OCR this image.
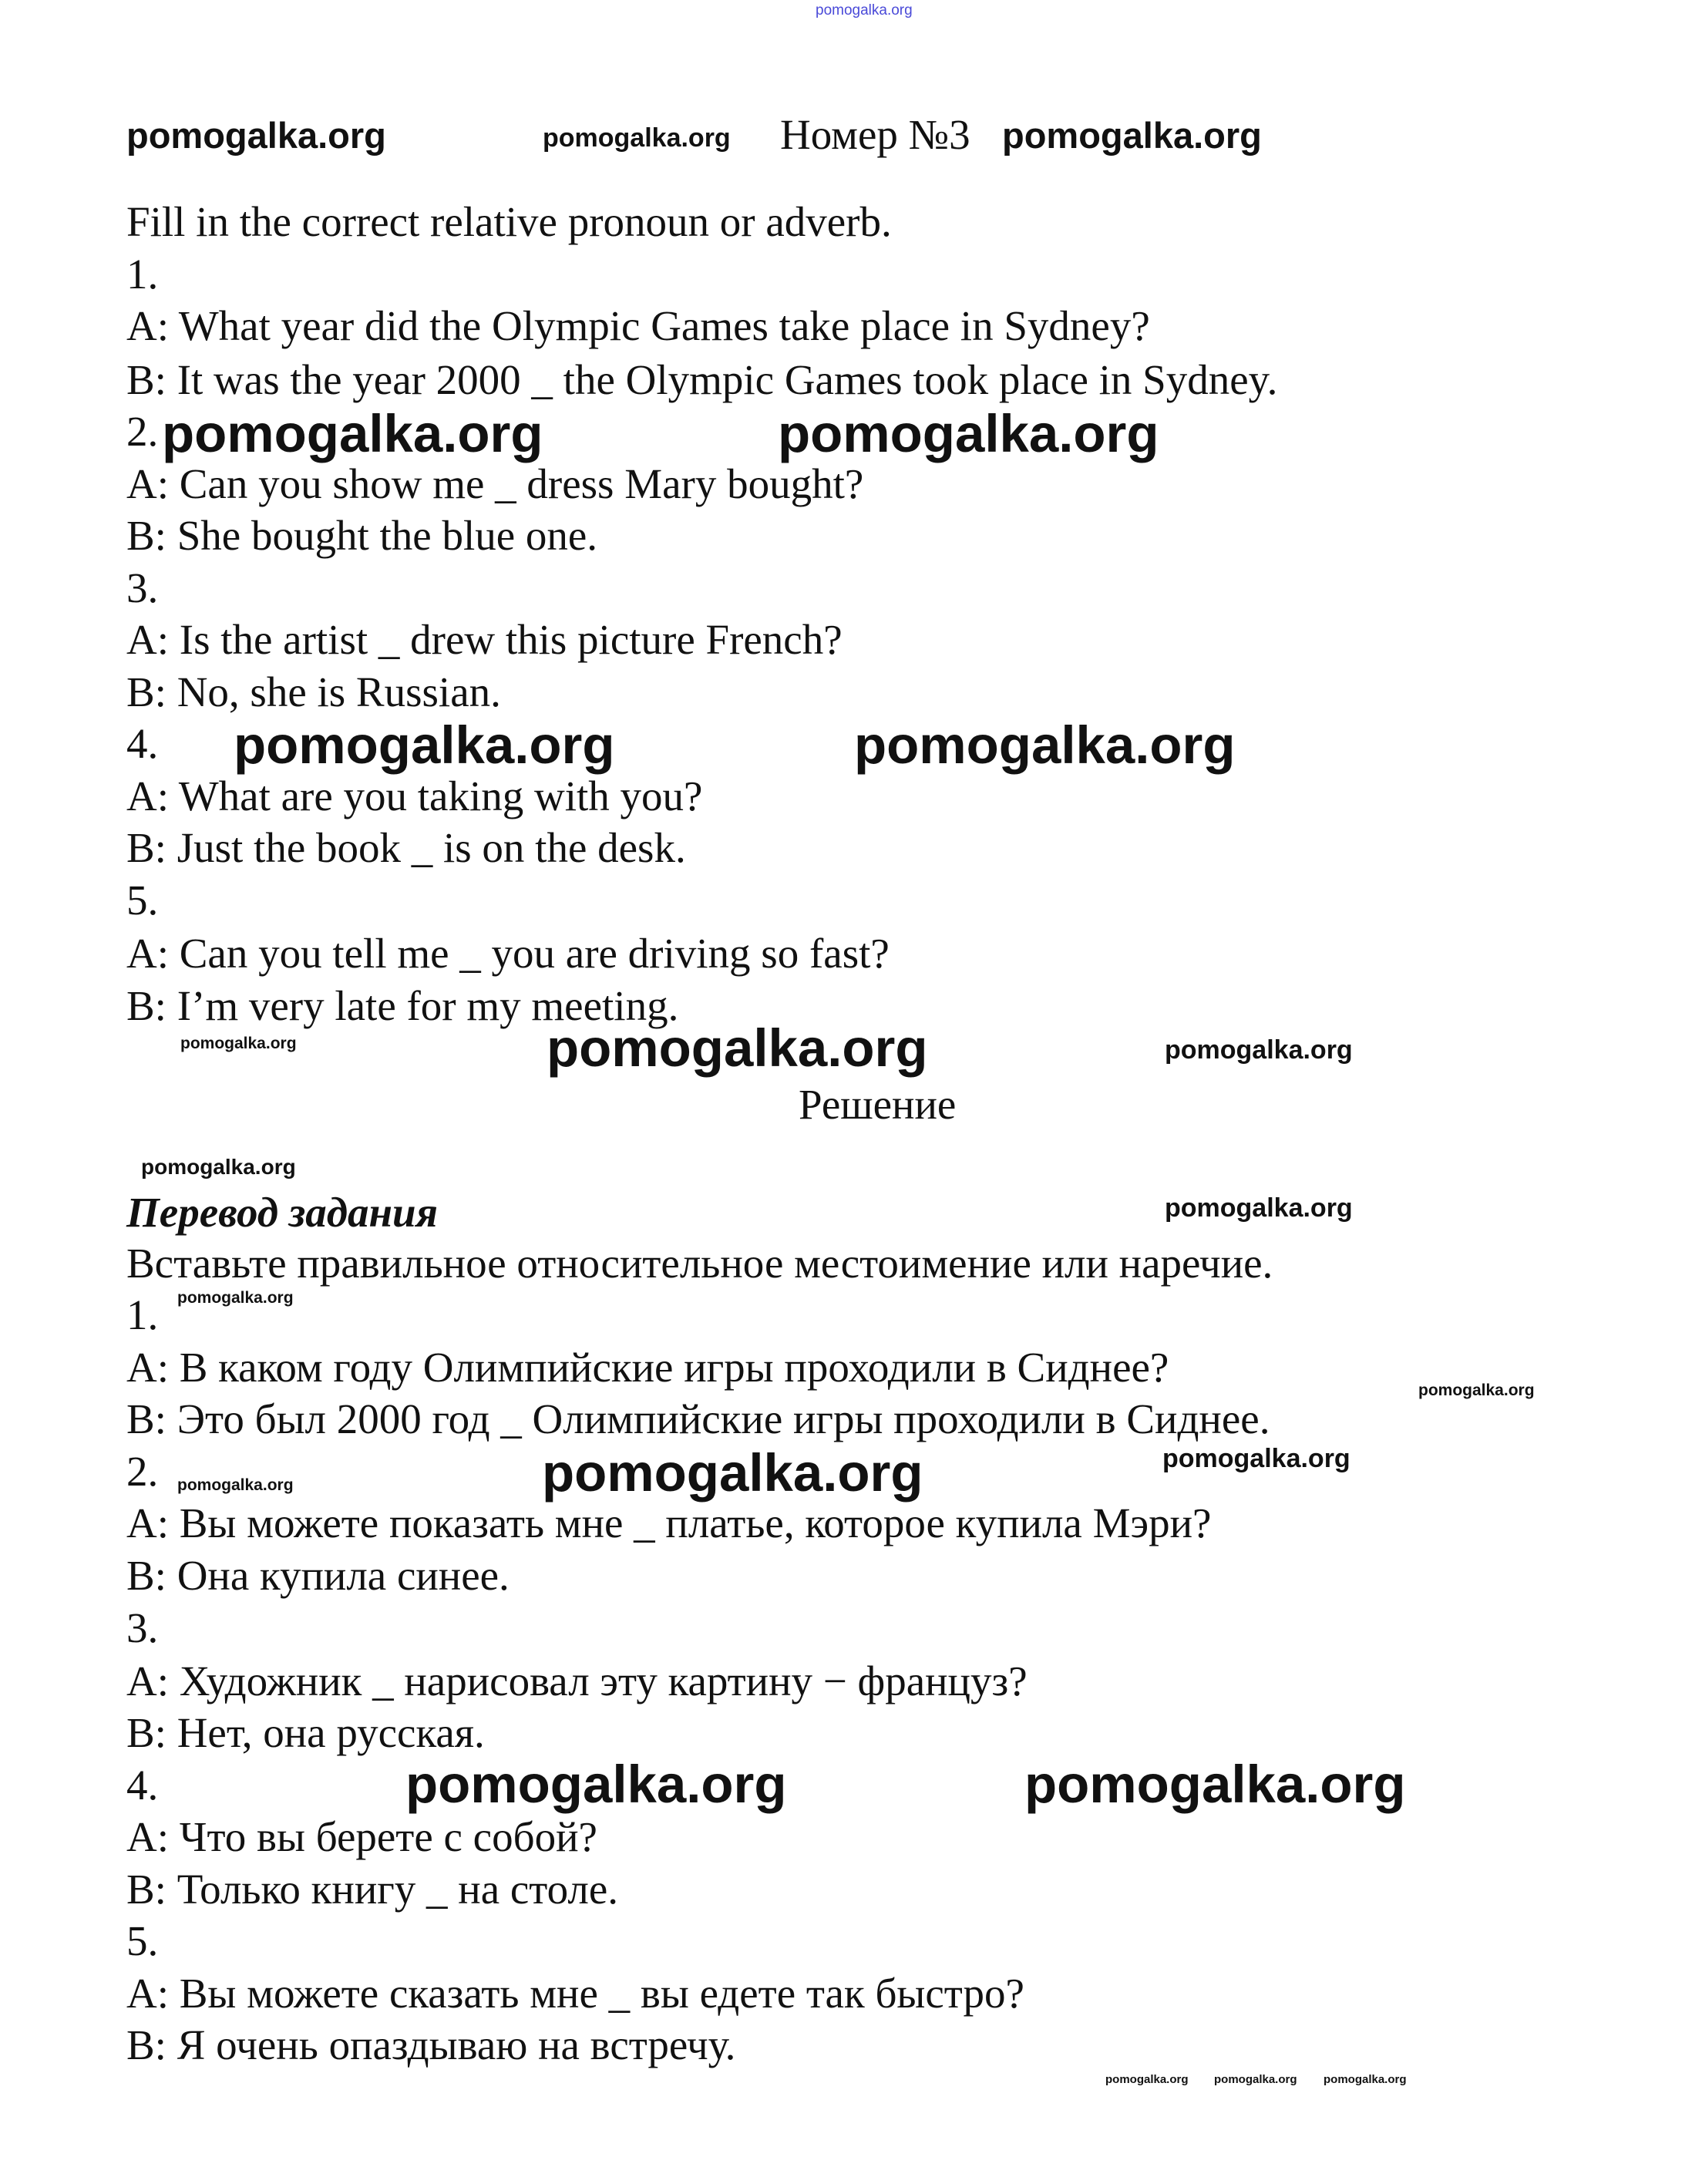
Номер №3
Fill in the correct relative pronoun or adverb.
1.
A: What year did the Olympic Games take place in Sydney?
B: It was the year 2000 _ the Olympic Games took place in Sydney.
2.
A: Can you show me _ dress Mary bought?
B: She bought the blue one.
3.
A: Is the artist _ drew this picture French?
B: No, she is Russian.
4.
A: What are you taking with you?
B: Just the book _ is on the desk.
5.
A: Can you tell me _ you are driving so fast?
B: I’m very late for my meeting.
Решение
Перевод задания
Вставьте правильное относительное местоимение или наречие.
1.
A: В каком году Олимпийские игры проходили в Сиднее?
B: Это был 2000 год _ Олимпийские игры проходили в Сиднее.
2.
A: Вы можете показать мне _ платье, которое купила Мэри?
B: Она купила синее.
3.
A: Художник _ нарисовал эту картину − француз?
B: Нет, она русская.
4.
A: Что вы берете с собой?
B: Только книгу _ на столе.
5.
A: Вы можете сказать мне _ вы едете так быстро?
B: Я очень опаздываю на встречу.
pomogalka.org
pomogalka.org	pomogalka.org	pomogalka.org
pomogalka.org	pomogalka.org
pomogalka.org	pomogalka.org
pomogalka.org
pomogalka.org
pomogalka.org	pomogalka.org
pomogalka.org	pomogalka.org
pomogalka.org
pomogalka.org
pomogalka.org
pomogalka.org
pomogalka.org
pomogalka.org
pomogalka.org pomogalka.org pomogalka.org
